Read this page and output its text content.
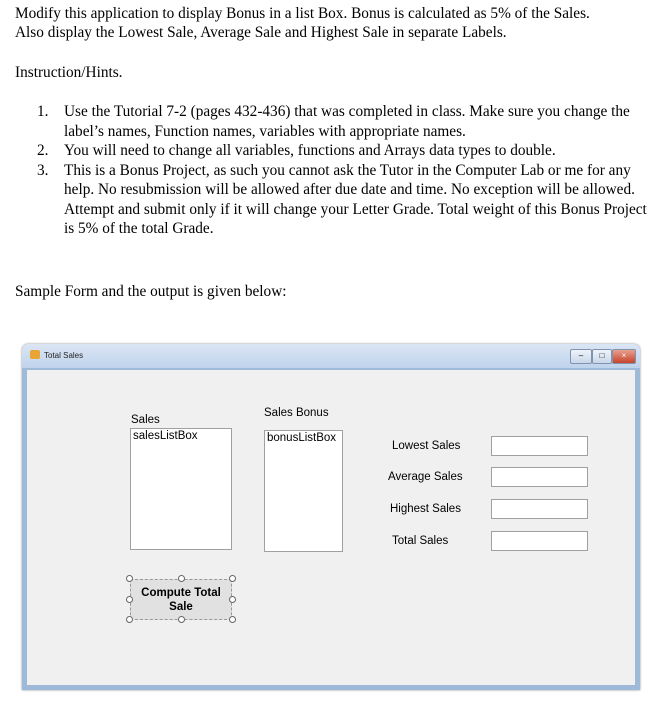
Modify this application to display Bonus in a list Box. Bonus is calculated as 5% of the Sales.
Also display the Lowest Sale, Average Sale and Highest Sale in separate Labels.
Instruction/Hints.
1. Use the Tutorial 7-2 (pages 432-436) that was completed in class. Make sure you change the label’s names, Function names, variables with appropriate names.
2. You will need to change all variables, functions and Arrays data types to double.
3. This is a Bonus Project, as such you cannot ask the Tutor in the Computer Lab or me for any help. No resubmission will be allowed after due date and time. No exception will be allowed. Attempt and submit only if it will change your Letter Grade. Total weight of this Bonus Project is 5% of the total Grade.
Sample Form and the output is given below:
Total Sales	–	□	×
Sales
salesListBox
Sales Bonus
bonusListBox
Lowest Sales
Average Sales
Highest Sales
Total Sales
Compute Total Sale
